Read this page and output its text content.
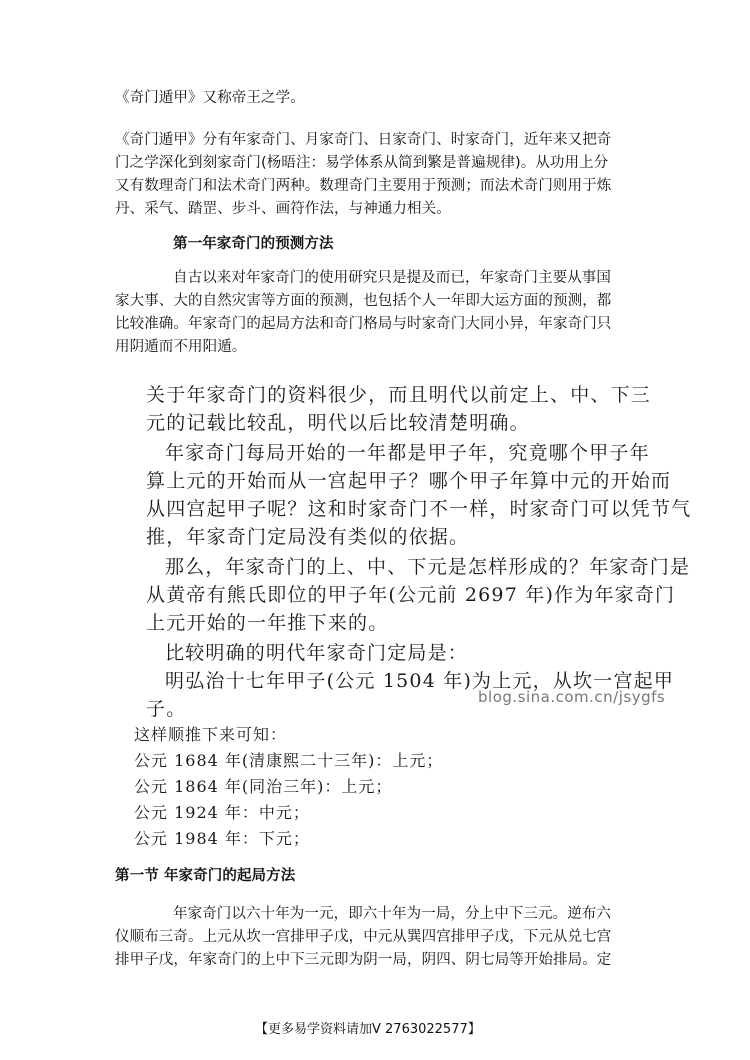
《奇门遁甲》又称帝王之学。
《奇门遁甲》分有年家奇门、月家奇门、日家奇门、时家奇门，近年来又把奇
门之学深化到刻家奇门(杨晤注：易学体系从简到繁是普遍规律)。从功用上分
又有数理奇门和法术奇门两种。数理奇门主要用于预测；而法术奇门则用于炼
丹、采气、踏罡、步斗、画符作法，与神通力相关。
第一年家奇门的预测方法
自古以来对年家奇门的使用研究只是提及而已，年家奇门主要从事国
家大事、大的自然灾害等方面的预测，也包括个人一年即大运方面的预测，都
比较准确。年家奇门的起局方法和奇门格局与时家奇门大同小异，年家奇门只
用阴遁而不用阳遁。
关于年家奇门的资料很少，而且明代以前定上、中、下三
元的记载比较乱，明代以后比较清楚明确。
年家奇门每局开始的一年都是甲子年，究竟哪个甲子年
算上元的开始而从一宫起甲子？哪个甲子年算中元的开始而
从四宫起甲子呢？这和时家奇门不一样，时家奇门可以凭节气
推，年家奇门定局没有类似的依据。
那么，年家奇门的上、中、下元是怎样形成的？年家奇门是
从黄帝有熊氏即位的甲子年(公元前 2697 年)作为年家奇门
上元开始的一年推下来的。
比较明确的明代年家奇门定局是：
明弘治十七年甲子(公元 1504 年)为上元，从坎一宫起甲
子。
blog.sina.com.cn/jsygfs
这样顺推下来可知：
公元 1684 年(清康熙二十三年)：上元；
公元 1864 年(同治三年)：上元；
公元 1924 年：中元；
公元 1984 年：下元；
第一节 年家奇门的起局方法
年家奇门以六十年为一元，即六十年为一局，分上中下三元。逆布六
仪顺布三奇。上元从坎一宫排甲子戊，中元从巽四宫排甲子戊，下元从兑七宫
排甲子戊，年家奇门的上中下三元即为阴一局，阴四、阴七局等开始排局。定
【更多易学资料请加V 2763022577】
